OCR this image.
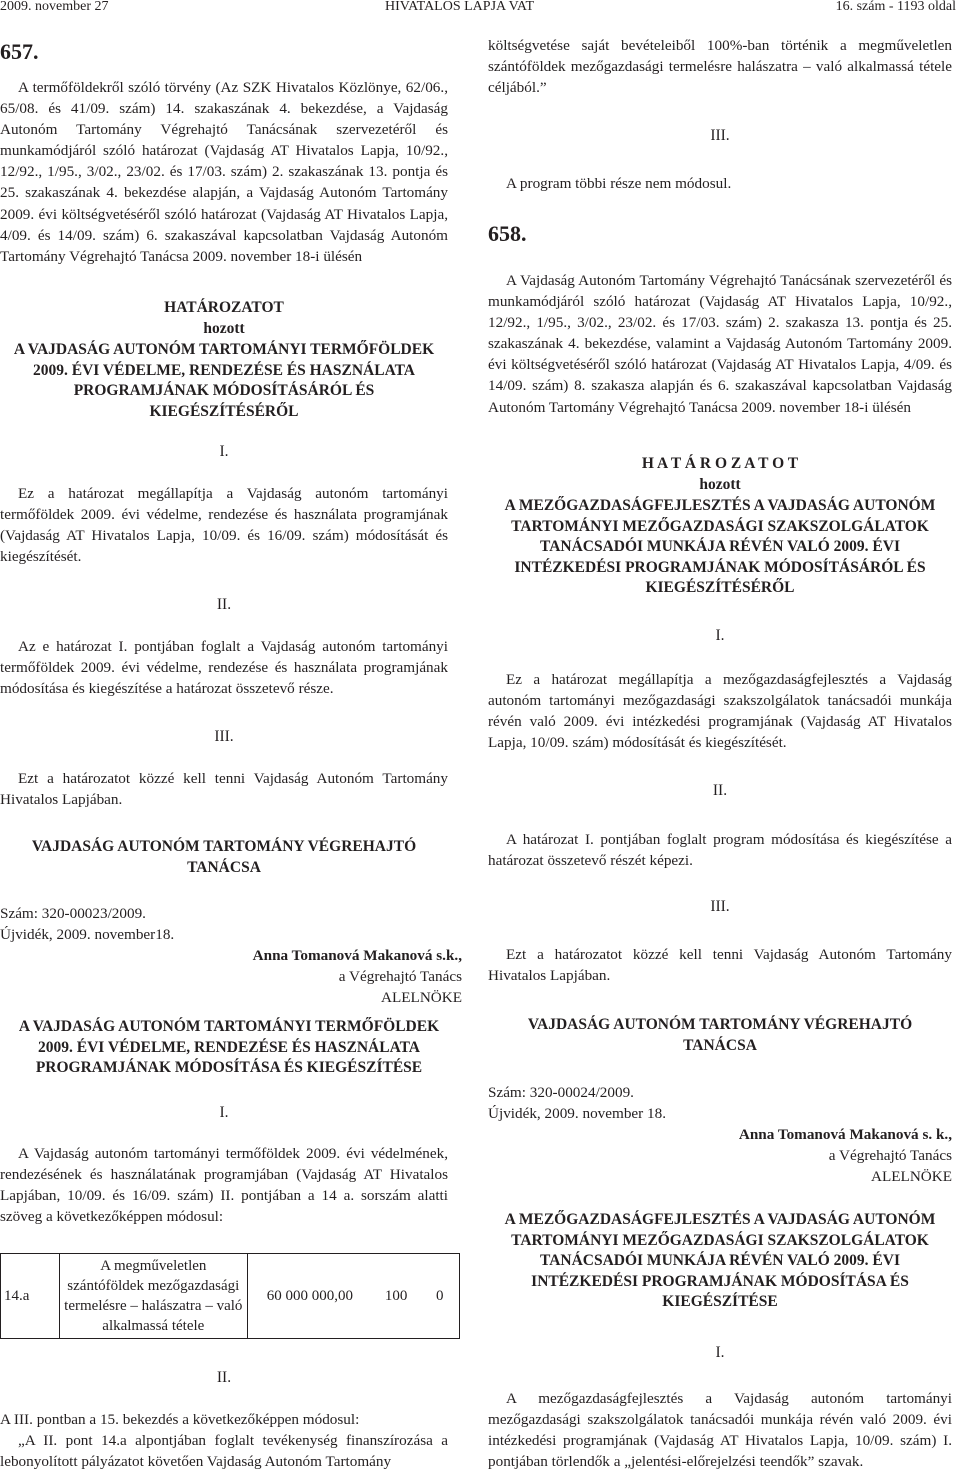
2009. november 27	HIVATALOS LAPJA VAT	16. szám - 1193 oldal
657.

A termőföldekről szóló törvény (Az SZK Hivatalos Közlönye, 62/06., 65/08. és 41/09. szám) 14. szakaszának 4. bekezdése, a Vajdaság Autonóm Tartomány Végrehajtó Tanácsának szervezetéről és munkamódjáról szóló határozat (Vajdaság AT Hivatalos Lapja, 10/92., 12/92., 1/95., 3/02., 23/02. és 17/03. szám) 2. szakaszának 13. pontja és 25. szakaszának 4. bekezdése alapján, a Vajdaság Autonóm Tartomány 2009. évi költségvetéséről szóló határozat (Vajdaság AT Hivatalos Lapja, 4/09. és 14/09. szám) 6. szakaszával kapcsolatban Vajdaság Autonóm Tartomány Végrehajtó Tanácsa 2009. november 18-i ülésén

HATÁROZATOT
hozott
A VAJDASÁG AUTONÓM TARTOMÁNYI TERMŐFÖLDEK 2009. ÉVI VÉDELME, RENDEZÉSE ÉS HASZNÁLATA PROGRAMJÁNAK MÓDOSÍTÁSÁRÓL ÉS KIEGÉSZÍTÉSÉRŐL
I.

Ez a határozat megállapítja a Vajdaság autonóm tartományi termőföldek 2009. évi védelme, rendezése és használata programjának (Vajdaság AT Hivatalos Lapja, 10/09. és 16/09. szám) módosítását és kiegészítését.

II.

Az e határozat I. pontjában foglalt a Vajdaság autonóm tartományi termőföldek 2009. évi védelme, rendezése és használata programjának módosítása és kiegészítése a határozat összetevő része.

III.

Ezt a határozatot közzé kell tenni Vajdaság Autonóm Tartomány Hivatalos Lapjában.

VAJDASÁG AUTONÓM TARTOMÁNY VÉGREHAJTÓ TANÁCSA
Szám: 320-00023/2009.
Újvidék, 2009. november18.
Anna Tomanová Makanová s.k.,
a Végrehajtó Tanács
ALELNÖKE
A VAJDASÁG AUTONÓM TARTOMÁNYI TERMŐFÖLDEK 2009. ÉVI VÉDELME, RENDEZÉSE ÉS HASZNÁLATA PROGRAMJÁNAK MÓDOSÍTÁSA ÉS KIEGÉSZÍTÉSE
I.

A Vajdaság autonóm tartományi termőföldek 2009. évi védelmének, rendezésének és használatának programjában (Vajdaság AT Hivatalos Lapjában, 10/09. és 16/09. szám) II. pontjában a 14 a. sorszám alatti szöveg a következőképpen módosul:

14.a	A megműveletlen szántóföldek mezőgazdasági termelésre – halászatra – való alkalmassá tétele	60 000 000,00	100	0
II.

A III. pontban a 15. bekezdés a következőképpen módosul:

„A II. pont 14.a alpontjában foglalt tevékenység finanszírozása a lebonyolított pályázatot követően Vajdaság Autonóm Tartomány

költségvetése saját bevételeiből 100%-ban történik a megműveletlen szántóföldek mezőgazdasági termelésre halászatra – való alkalmassá tétele céljából.”

III.

A program többi része nem módosul.

658.

A Vajdaság Autonóm Tartomány Végrehajtó Tanácsának szervezetéről és munkamódjáról szóló határozat (Vajdaság AT Hivatalos Lapja, 10/92., 12/92., 1/95., 3/02., 23/02. és 17/03. szám) 2. szakasza 13. pontja és 25. szakaszának 4. bekezdése, valamint a Vajdaság Autonóm Tartomány 2009. évi költségvetéséről szóló határozat (Vajdaság AT Hivatalos Lapja, 4/09. és 14/09. szám) 8. szakasza alapján és 6. szakaszával kapcsolatban Vajdaság Autonóm Tartomány Végrehajtó Tanácsa 2009. november 18-i ülésén

H A T Á R O Z A T O T
hozott
A MEZŐGAZDASÁGFEJLESZTÉS A VAJDASÁG AUTONÓM TARTOMÁNYI MEZŐGAZDASÁGI SZAKSZOLGÁLATOK TANÁCSADÓI MUNKÁJA RÉVÉN VALÓ 2009. ÉVI INTÉZKEDÉSI PROGRAMJÁNAK MÓDOSÍTÁSÁRÓL ÉS KIEGÉSZÍTÉSÉRŐL
I.

Ez a határozat megállapítja a mezőgazdaságfejlesztés a Vajdaság autonóm tartományi mezőgazdasági szakszolgálatok tanácsadói munkája révén való 2009. évi intézkedési programjának (Vajdaság AT Hivatalos Lapja, 10/09. szám) módosítását és kiegészítését.

II.

A határozat I. pontjában foglalt program módosítása és kiegészítése a határozat összetevő részét képezi.

III.

Ezt a határozatot közzé kell tenni Vajdaság Autonóm Tartomány Hivatalos Lapjában.

VAJDASÁG AUTONÓM TARTOMÁNY VÉGREHAJTÓ TANÁCSA
Szám: 320-00024/2009.
Újvidék, 2009. november 18.
Anna Tomanová Makanová s. k.,
a Végrehajtó Tanács
ALELNÖKE
A MEZŐGAZDASÁGFEJLESZTÉS A VAJDASÁG AUTONÓM TARTOMÁNYI MEZŐGAZDASÁGI SZAKSZOLGÁLATOK TANÁCSADÓI MUNKÁJA RÉVÉN VALÓ 2009. ÉVI INTÉZKEDÉSI PROGRAMJÁNAK MÓDOSÍTÁSA ÉS KIEGÉSZÍTÉSE
I.

A mezőgazdaságfejlesztés a Vajdaság autonóm tartományi mezőgazdasági szakszolgálatok tanácsadói munkája révén való 2009. évi intézkedési programjának (Vajdaság AT Hivatalos Lapja, 10/09. szám) I. pontjában törlendők a „jelentési-előrejelzési teendők” szavak.
